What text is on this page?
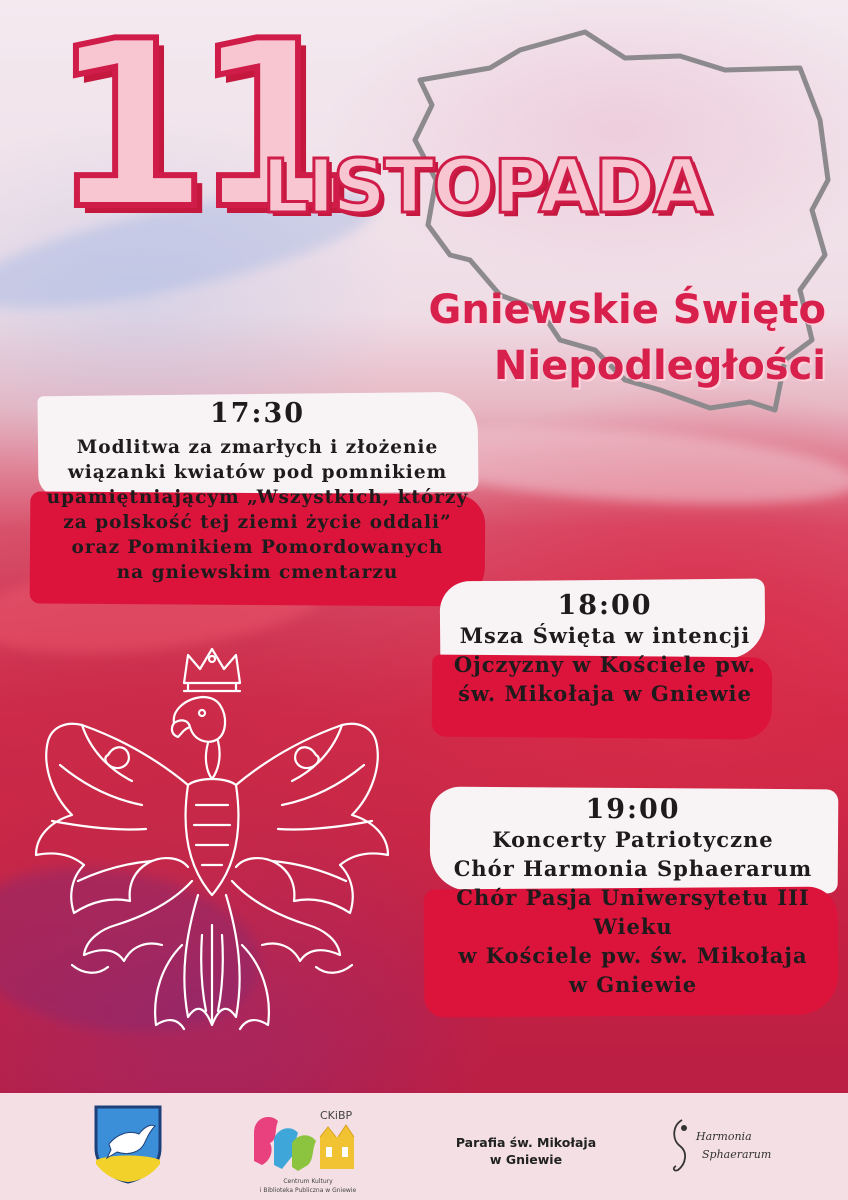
11
LISTOPADA
Gniewskie Święto
Niepodległości
17:30
Modlitwa za zmarłych i złożenie
wiązanki kwiatów pod pomnikiem
upamiętniającym „Wszystkich, którzy
za polskość tej ziemi życie oddali”
oraz Pomnikiem Pomordowanych
na gniewskim cmentarzu
18:00
Msza Święta w intencji
Ojczyzny w Kościele pw.
św. Mikołaja w Gniewie
19:00
Koncerty Patriotyczne
Chór Harmonia Sphaerarum
Chór Pasja Uniwersytetu III
Wieku
w Kościele pw. św. Mikołaja
w Gniewie
CKiBP
Centrum Kultury
i Biblioteka Publiczna w Gniewie
Parafia św. Mikołaja
w Gniewie
Harmonia
Sphaerarum
